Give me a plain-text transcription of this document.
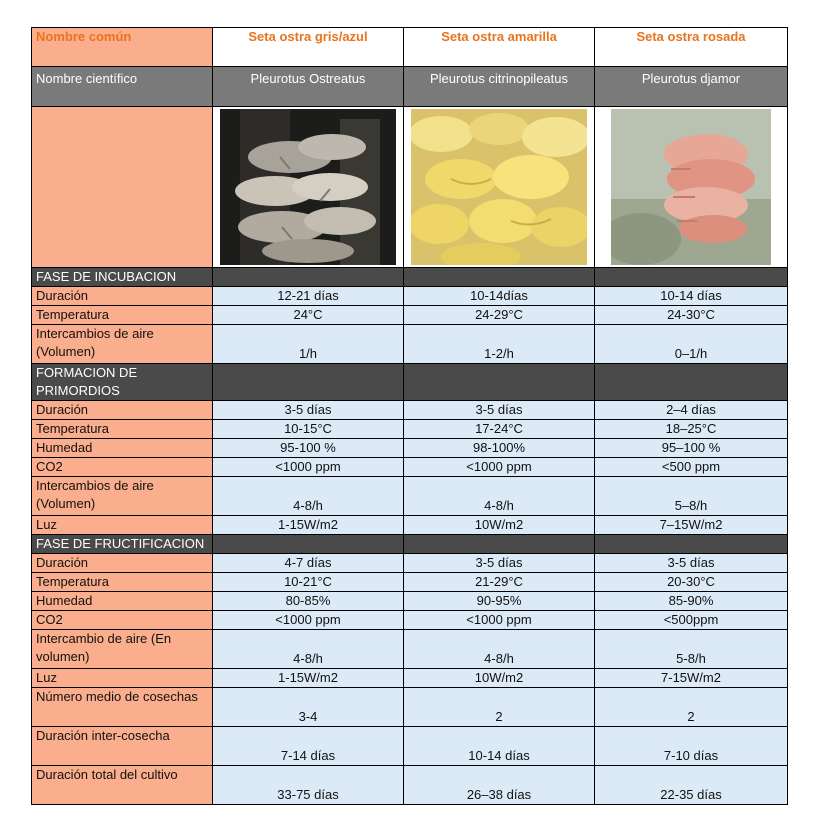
Nombre común	Seta ostra gris/azul	Seta ostra amarilla	Seta ostra rosada
Nombre científico	Pleurotus Ostreatus	Pleurotus citrinopileatus	Pleurotus djamor

FASE DE INCUBACION			
Duración	12-21 días	10-14días	10-14 días
Temperatura	24°C	24-29°C	24-30°C
Intercambios de aire (Volumen)	1/h	1-2/h	0–1/h
FORMACION DE PRIMORDIOS			
Duración	3-5 días	3-5 días	2–4 días
Temperatura	10-15°C	17-24°C	18–25°C
Humedad	95-100 %	98-100%	95–100 %
CO2	<1000 ppm	<1000 ppm	<500 ppm
Intercambios de aire (Volumen)	4-8/h	4-8/h	5–8/h
Luz	1-15W/m2	10W/m2	7–15W/m2
FASE DE FRUCTIFICACION			
Duración	4-7 días	3-5 días	3-5 días
Temperatura	10-21°C	21-29°C	20-30°C
Humedad	80-85%	90-95%	85-90%
CO2	<1000 ppm	<1000 ppm	<500ppm
Intercambio de aire (En volumen)	4-8/h	4-8/h	5-8/h
Luz	1-15W/m2	10W/m2	7-15W/m2
Número medio de cosechas	3-4	2	2
Duración inter-cosecha	7-14 días	10-14 días	7-10 días
Duración total del cultivo	33-75 días	26–38 días	22-35 días
